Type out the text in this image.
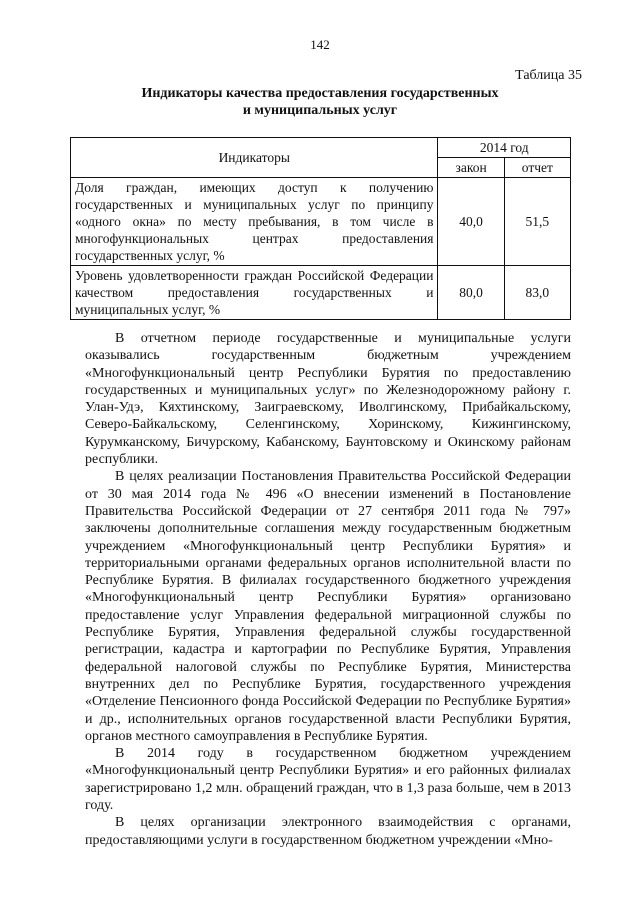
142
Таблица 35
Индикаторы качества предоставления государственных
и муниципальных услуг
Индикаторы	2014 год	
	закон	отчет
Доля граждан, имеющих доступ к получению государственных и муниципальных услуг по принципу «одного окна» по месту пребывания, в том числе в многофункциональных центрах предоставления государственных услуг, %	40,0	51,5
Уровень удовлетворенности граждан Российской Федерации качеством предоставления государственных и муниципальных услуг, %	80,0	83,0

В отчетном периоде государственные и муниципальные услуги оказывались государственным бюджетным учреждением «Многофункциональный центр Республики Бурятия по предоставлению государственных и муниципальных услуг» по Железнодорожному району г. Улан-Удэ, Кяхтинскому, Заиграевскому, Иволгинскому, Прибайкальскому, Северо-Байкальскому, Селенгинскому, Хоринскому, Кижингинскому, Курумканскому, Бичурскому, Кабанскому, Баунтовскому и Окинскому районам республики.

В целях реализации Постановления Правительства Российской Федерации от 30 мая 2014 года № 496 «О внесении изменений в Постановление Правительства Российской Федерации от 27 сентября 2011 года № 797» заключены дополнительные соглашения между государственным бюджетным учреждением «Многофункциональный центр Республики Бурятия» и территориальными органами федеральных органов исполнительной власти по Республике Бурятия. В филиалах государственного бюджетного учреждения «Многофункциональный центр Республики Бурятия» организовано предоставление услуг Управления федеральной миграционной службы по Республике Бурятия, Управления федеральной службы государственной регистрации, кадастра и картографии по Республике Бурятия, Управления федеральной налоговой службы по Республике Бурятия, Министерства внутренних дел по Республике Бурятия, государственного учреждения «Отделение Пенсионного фонда Российской Федерации по Республике Бурятия» и др., исполнительных органов государственной власти Республики Бурятия, органов местного самоуправления в Республике Бурятия.

В 2014 году в государственном бюджетном учреждением «Многофункциональный центр Республики Бурятия» и его районных филиалах зарегистрировано 1,2 млн. обращений граждан, что в 1,3 раза больше, чем в 2013 году.

В целях организации электронного взаимодействия с органами, предоставляющими услуги в государственном бюджетном учреждении «Мно-
